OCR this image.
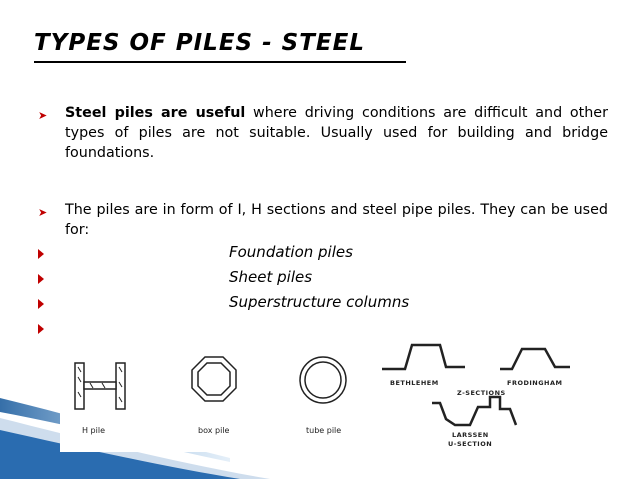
TYPES OF PILES - STEEL
➤	Steel piles are useful where driving conditions are difficult and other types of piles are not suitable. Usually used for building and bridge foundations.
➤	The piles are in form of I, H sections and steel pipe piles. They can be used for:
Foundation piles
Sheet piles
Superstructure columns
H pile	box pile	tube pile
BETHLEHEM	FRODINGHAM
Z-SECTIONS
LARSSEN
U-SECTION
